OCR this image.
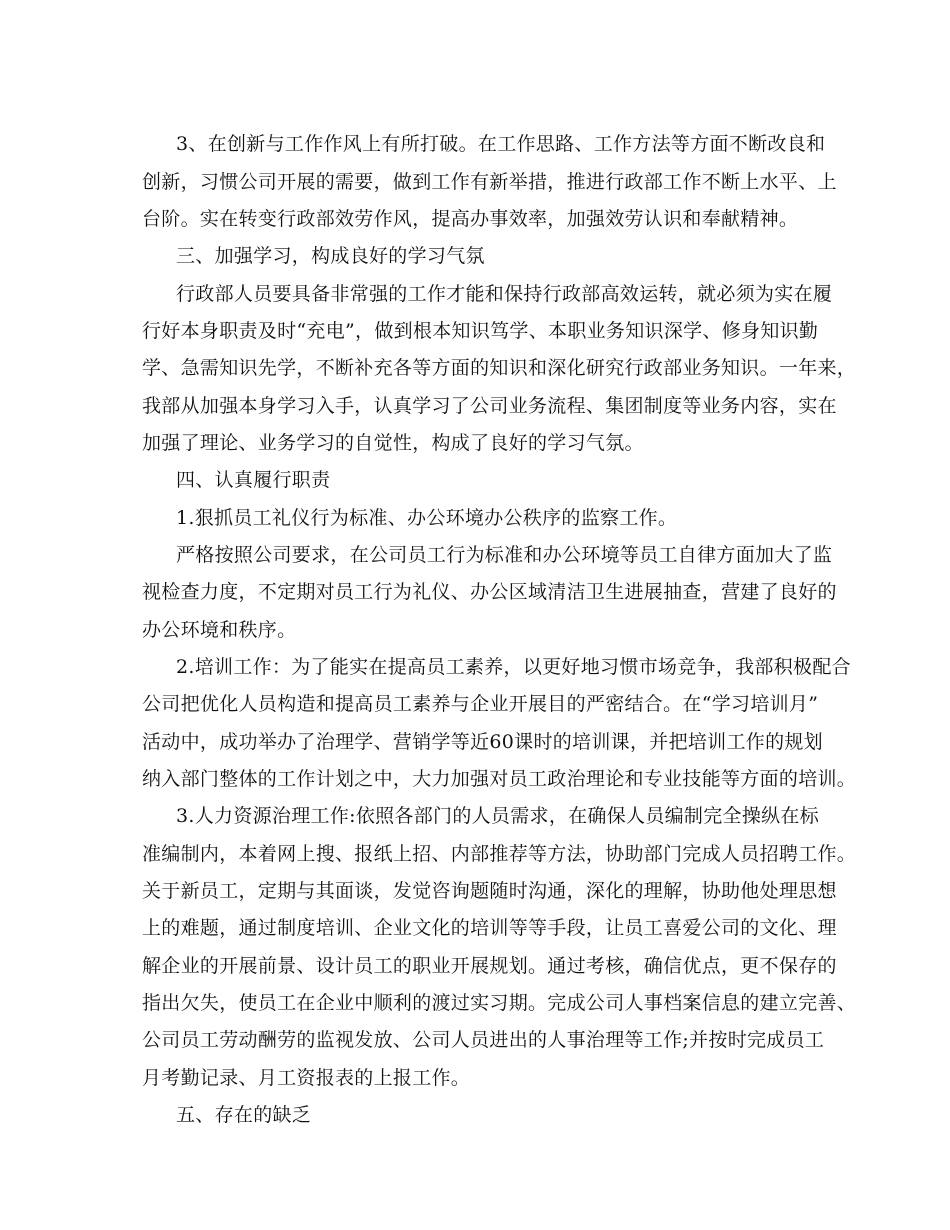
3、在创新与工作作风上有所打破。在工作思路、工作方法等方面不断改良和
创新，习惯公司开展的需要，做到工作有新举措，推进行政部工作不断上水平、上
台阶。实在转变行政部效劳作风，提高办事效率，加强效劳认识和奉献精神。
三、加强学习，构成良好的学习气氛
行政部人员要具备非常强的工作才能和保持行政部高效运转，就必须为实在履
行好本身职责及时“充电”，做到根本知识笃学、本职业务知识深学、修身知识勤
学、急需知识先学，不断补充各等方面的知识和深化研究行政部业务知识。一年来，
我部从加强本身学习入手，认真学习了公司业务流程、集团制度等业务内容，实在
加强了理论、业务学习的自觉性，构成了良好的学习气氛。
四、认真履行职责
1.狠抓员工礼仪行为标准、办公环境办公秩序的监察工作。
严格按照公司要求，在公司员工行为标准和办公环境等员工自律方面加大了监
视检查力度，不定期对员工行为礼仪、办公区域清洁卫生进展抽查，营建了良好的
办公环境和秩序。
2.培训工作：为了能实在提高员工素养，以更好地习惯市场竞争，我部积极配合
公司把优化人员构造和提高员工素养与企业开展目的严密结合。在“学习培训月”
活动中，成功举办了治理学、营销学等近60课时的培训课，并把培训工作的规划
纳入部门整体的工作计划之中，大力加强对员工政治理论和专业技能等方面的培训。
3.人力资源治理工作:依照各部门的人员需求，在确保人员编制完全操纵在标
准编制内，本着网上搜、报纸上招、内部推荐等方法，协助部门完成人员招聘工作。
关于新员工，定期与其面谈，发觉咨询题随时沟通，深化的理解，协助他处理思想
上的难题，通过制度培训、企业文化的培训等等手段，让员工喜爱公司的文化、理
解企业的开展前景、设计员工的职业开展规划。通过考核，确信优点，更不保存的
指出欠失，使员工在企业中顺利的渡过实习期。完成公司人事档案信息的建立完善、
公司员工劳动酬劳的监视发放、公司人员进出的人事治理等工作;并按时完成员工
月考勤记录、月工资报表的上报工作。
五、存在的缺乏
